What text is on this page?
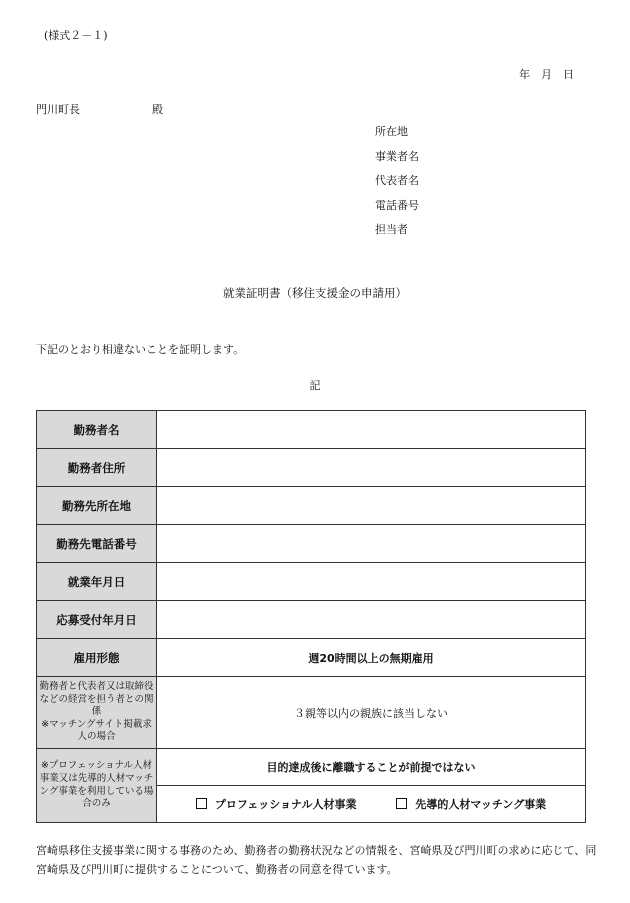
(様式２－１)
年　月　日
門川町長	殿
所在地
事業者名
代表者名
電話番号
担当者
就業証明書（移住支援金の申請用）
下記のとおり相違ないことを証明します。
記
勤務者名	
勤務者住所	
勤務先所在地	
勤務先電話番号	
就業年月日	
応募受付年月日	
雇用形態	週20時間以上の無期雇用
勤務者と代表者又は取締役などの経営を担う者との関係
※マッチングサイト掲載求人の場合	３親等以内の親族に該当しない
※プロフェッショナル人材事業又は先導的人材マッチング事業を利用している場合のみ	目的達成後に離職することが前提ではない

	プロフェッショナル人材事業
先導的人材マッチング事業
宮崎県移住支援事業に関する事務のため、勤務者の勤務状況などの情報を、宮崎県及び門川町の求めに応じて、同宮崎県及び門川町に提供することについて、勤務者の同意を得ています。
